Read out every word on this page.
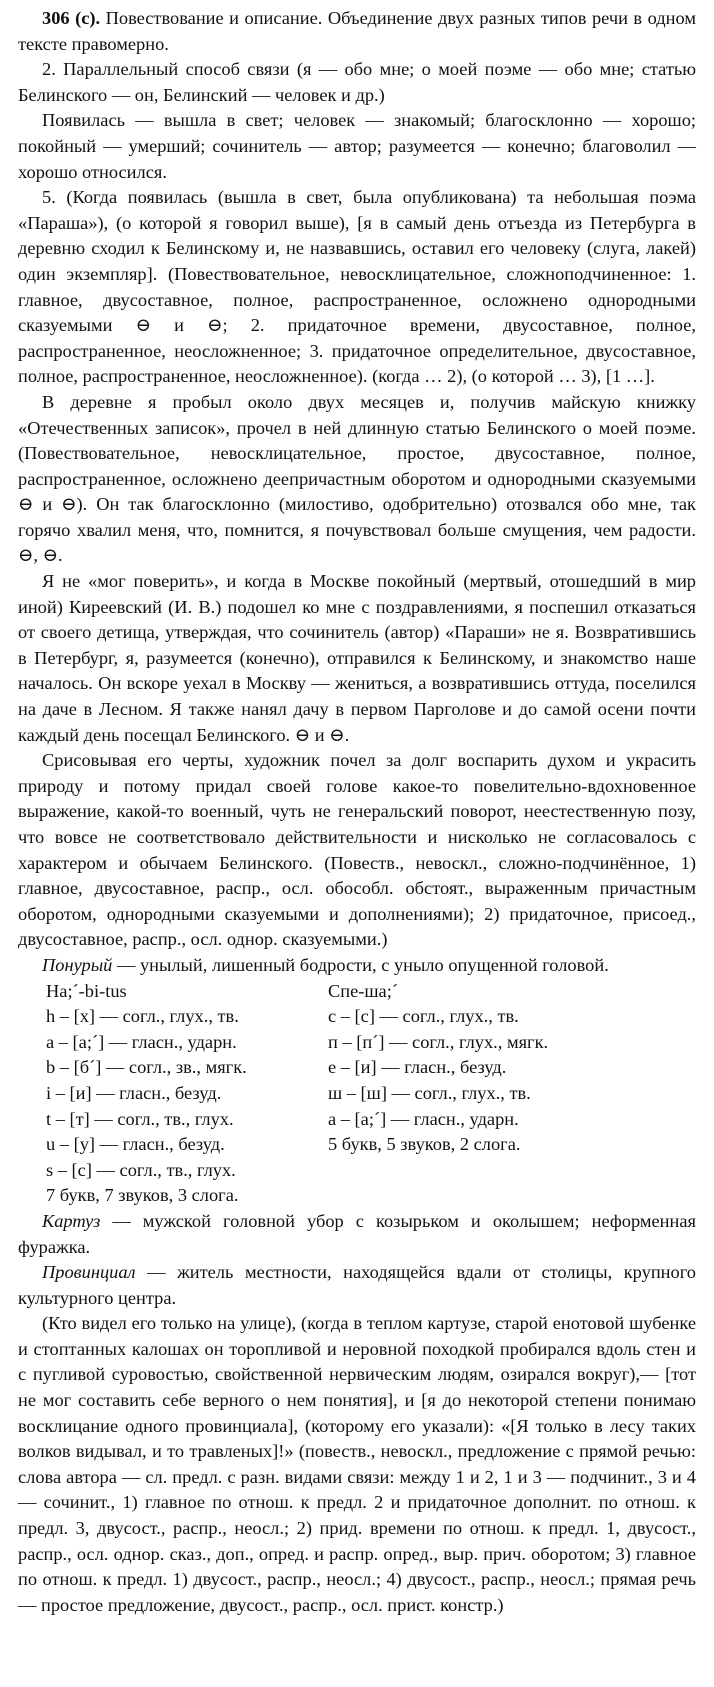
306 (с). Повествование и описание. Объединение двух разных типов речи в одном тексте правомерно.

2. Параллельный способ связи (я — обо мне; о моей поэме — обо мне; статью Белинского — он, Белинский — человек и др.)

Появилась — вышла в свет; человек — знакомый; благосклонно — хорошо; покойный — умерший; сочинитель — автор; разумеется — конечно; благоволил — хорошо относился.

5. (Когда появилась (вышла в свет, была опубликована) та небольшая поэма «Параша»), (о которой я говорил выше), [я в самый день отъезда из Петербурга в деревню сходил к Белинскому и, не назвавшись, оставил его человеку (слуга, лакей) один экземпляр]. (Повествовательное, невосклицательное, сложноподчиненное: 1. главное, двусоставное, полное, распространенное, осложнено однородными сказуемыми ⊖ и ⊖; 2. придаточное времени, двусоставное, полное, распространенное, неосложненное; 3. придаточное определительное, двусоставное, полное, распространенное, неосложненное). (когда … 2), (о которой … 3), [1 …].

В деревне я пробыл около двух месяцев и, получив майскую книжку «Отечественных записок», прочел в ней длинную статью Белинского о моей поэме. (Повествовательное, невосклицательное, простое, двусоставное, полное, распространенное, осложнено деепричастным оборотом и однородными сказуемыми ⊖ и ⊖). Он так благосклонно (милостиво, одобрительно) отозвался обо мне, так горячо хвалил меня, что, помнится, я почувствовал больше смущения, чем радости. ⊖, ⊖.

Я не «мог поверить», и когда в Москве покойный (мертвый, отошедший в мир иной) Киреевский (И. В.) подошел ко мне с поздравлениями, я поспешил отказаться от своего детища, утверждая, что сочинитель (автор) «Параши» не я. Возвратившись в Петербург, я, разумеется (конечно), отправился к Белинскому, и знакомство наше началось. Он вскоре уехал в Москву — жениться, а возвратившись оттуда, поселился на даче в Лесном. Я также нанял дачу в первом Парголове и до самой осени почти каждый день посещал Белинского. ⊖ и ⊖.

Срисовывая его черты, художник почел за долг воспарить духом и украсить природу и потому придал своей голове какое-то повелительно-вдохновенное выражение, какой-то военный, чуть не генеральский поворот, неестественную позу, что вовсе не соответствовало действительности и нисколько не согласовалось с характером и обычаем Белинского. (Повеств., невоскл., сложно-подчинённое, 1) главное, двусоставное, распр., осл. обособл. обстоят., выраженным причастным оборотом, однородными сказуемыми и дополнениями); 2) придаточное, присоед., двусоставное, распр., осл. однор. сказуемыми.)

Понурый — унылый, лишенный бодрости, с уныло опущенной головой.

На;´-bi-tus
h – [х] — согл., глух., тв.
а – [а;´] — гласн., ударн.
b – [б´] — согл., зв., мягк.
i – [и] — гласн., безуд.
t – [т] — согл., тв., глух.
u – [у] — гласн., безуд.
s – [с] — согл., тв., глух.
7 букв, 7 звуков, 3 слога.
Спе-ша;´
с – [с] — согл., глух., тв.
п – [п´] — согл., глух., мягк.
е – [и] — гласн., безуд.
ш – [ш] — согл., глух., тв.
а – [а;´] — гласн., ударн.
5 букв, 5 звуков, 2 слога.

Картуз — мужской головной убор с козырьком и околышем; неформенная фуражка.

Провинциал — житель местности, находящейся вдали от столицы, крупного культурного центра.

(Кто видел его только на улице), (когда в теплом картузе, старой енотовой шубенке и стоптанных калошах он торопливой и неровной походкой пробирался вдоль стен и с пугливой суровостью, свойственной нервическим людям, озирался вокруг),— [тот не мог составить себе верного о нем понятия], и [я до некоторой степени понимаю восклицание одного провинциала], (которому его указали): «[Я только в лесу таких волков видывал, и то травленых]!» (повеств., невоскл., предложение с прямой речью: слова автора — сл. предл. с разн. видами связи: между 1 и 2, 1 и 3 — подчинит., 3 и 4 — сочинит., 1) главное по отнош. к предл. 2 и придаточное дополнит. по отнош. к предл. 3, двусост., распр., неосл.; 2) прид. времени по отнош. к предл. 1, двусост., распр., осл. однор. сказ., доп., опред. и распр. опред., выр. прич. оборотом; 3) главное по отнош. к предл. 1) двусост., распр., неосл.; 4) двусост., распр., неосл.; прямая речь — простое предложение, двусост., распр., осл. прист. констр.)
